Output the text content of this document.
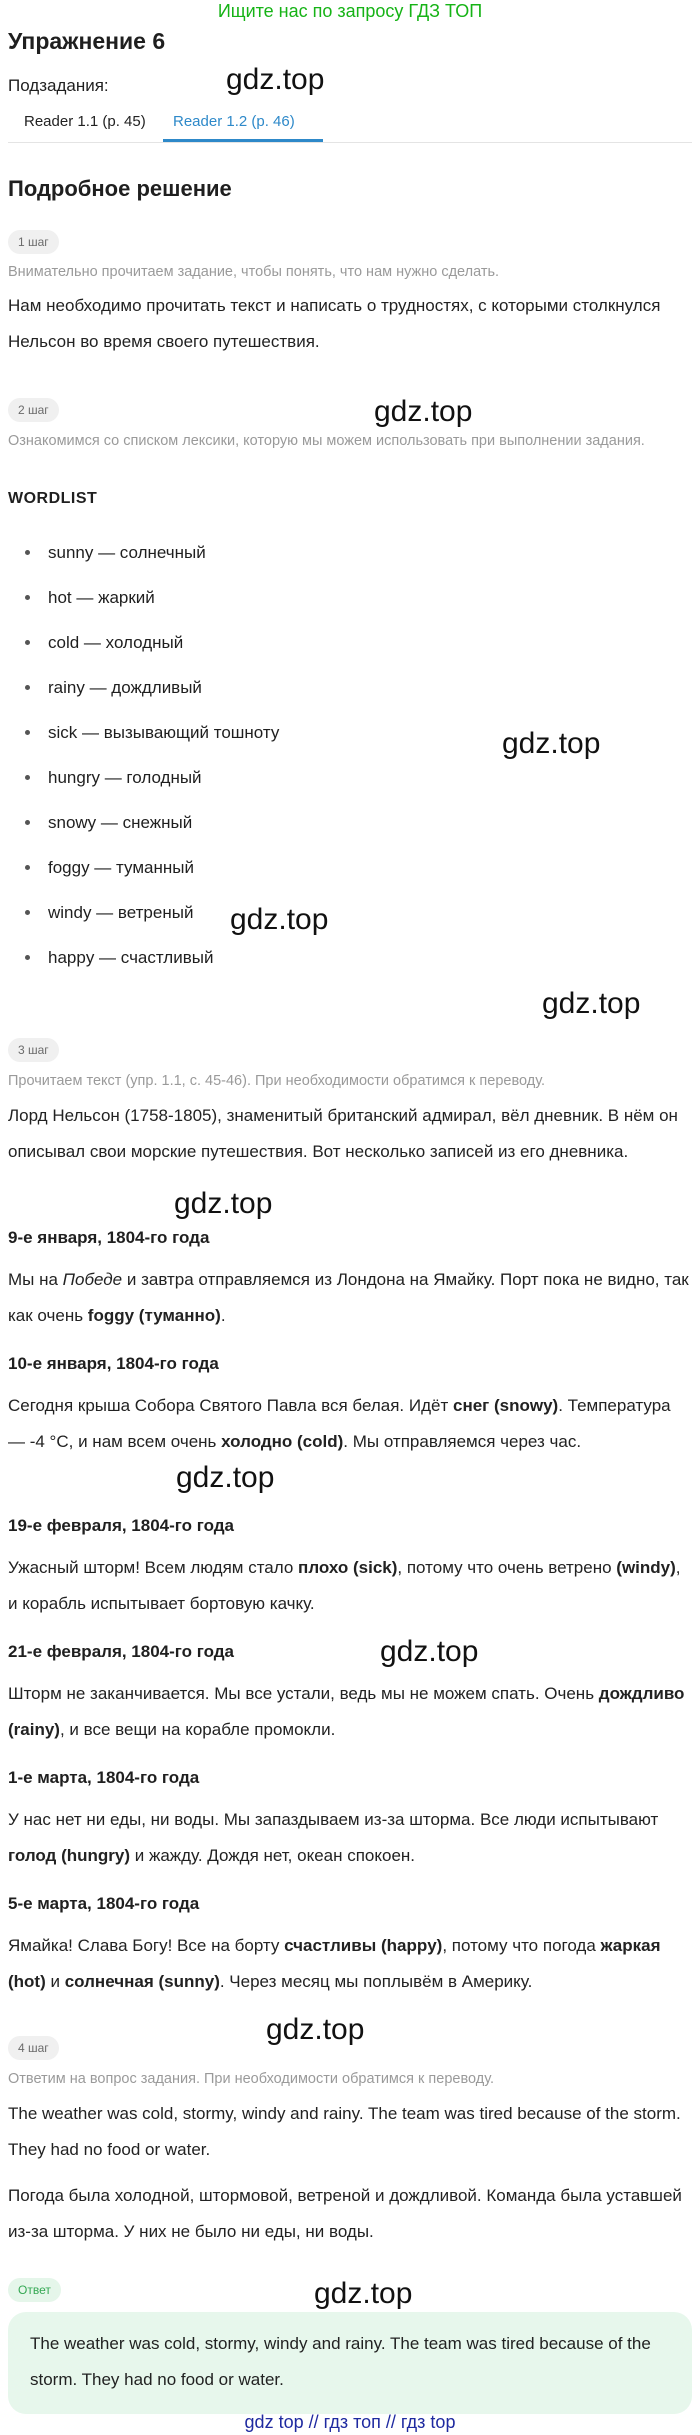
Ищите нас по запросу ГДЗ ТОП
Упражнение 6
Подзадания:
Reader 1.1 (p. 45)	Reader 1.2 (p. 46)
Подробное решение
1 шаг
Внимательно прочитаем задание, чтобы понять, что нам нужно сделать.
Нам необходимо прочитать текст и написать о трудностях, с которыми столкнулся Нельсон во время своего путешествия.
2 шаг
Ознакомимся со списком лексики, которую мы можем использовать при выполнении задания.
WORDLIST
sunny — солнечный
hot — жаркий
cold — холодный
rainy — дождливый
sick — вызывающий тошноту
hungry — голодный
snowy — снежный
foggy — туманный
windy — ветреный
happy — счастливый
3 шаг
Прочитаем текст (упр. 1.1, с. 45-46). При необходимости обратимся к переводу.
Лорд Нельсон (1758-1805), знаменитый британский адмирал, вёл дневник. В нём он описывал свои морские путешествия. Вот несколько записей из его дневника.
9-е января, 1804-го года
Мы на Победе и завтра отправляемся из Лондона на Ямайку. Порт пока не видно, так как очень foggy (туманно).
10-е января, 1804-го года
Сегодня крыша Собора Святого Павла вся белая. Идёт снег (snowy). Температура — -4 °C, и нам всем очень холодно (cold). Мы отправляемся через час.
19-е февраля, 1804-го года
Ужасный шторм! Всем людям стало плохо (sick), потому что очень ветрено (windy), и корабль испытывает бортовую качку.
21-е февраля, 1804-го года
Шторм не заканчивается. Мы все устали, ведь мы не можем спать. Очень дождливо (rainy), и все вещи на корабле промокли.
1-е марта, 1804-го года
У нас нет ни еды, ни воды. Мы запаздываем из-за шторма. Все люди испытывают голод (hungry) и жажду. Дождя нет, океан спокоен.
5-е марта, 1804-го года
Ямайка! Слава Богу! Все на борту счастливы (happy), потому что погода жаркая (hot) и солнечная (sunny). Через месяц мы поплывём в Америку.
4 шаг
Ответим на вопрос задания. При необходимости обратимся к переводу.
The weather was cold, stormy, windy and rainy. The team was tired because of the storm. They had no food or water.
Погода была холодной, штормовой, ветреной и дождливой. Команда была уставшей из-за шторма. У них не было ни еды, ни воды.
Ответ
The weather was cold, stormy, windy and rainy. The team was tired because of the storm. They had no food or water.
gdz.top
gdz.top
gdz.top
gdz.top
gdz.top
gdz.top
gdz.top
gdz.top
gdz.top
gdz.top
gdz top // гдз топ // гдз top
